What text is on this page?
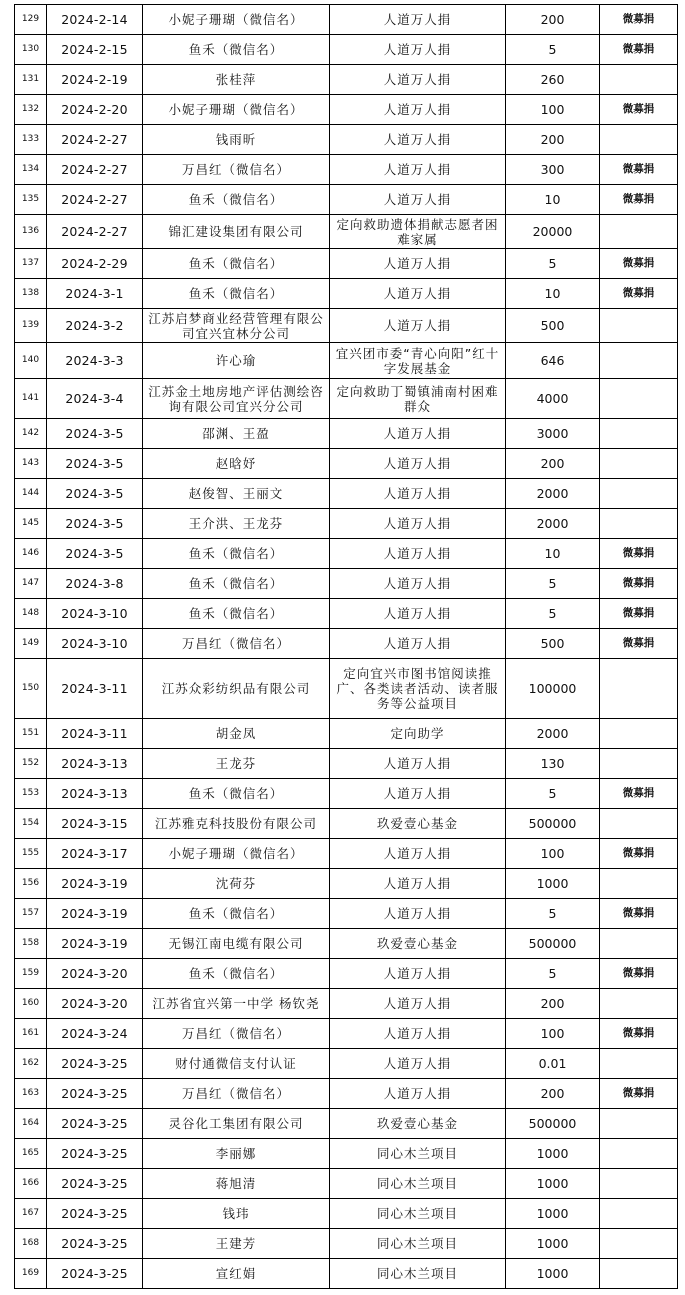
129	2024-2-14	小妮子珊瑚（微信名）	人道万人捐	200	微募捐
130	2024-2-15	鱼禾（微信名）	人道万人捐	5	微募捐
131	2024-2-19	张桂萍	人道万人捐	260	
132	2024-2-20	小妮子珊瑚（微信名）	人道万人捐	100	微募捐
133	2024-2-27	钱雨昕	人道万人捐	200	
134	2024-2-27	万昌红（微信名）	人道万人捐	300	微募捐
135	2024-2-27	鱼禾（微信名）	人道万人捐	10	微募捐
136	2024-2-27	锦汇建设集团有限公司	定向救助遗体捐献志愿者困难家属	20000	
137	2024-2-29	鱼禾（微信名）	人道万人捐	5	微募捐
138	2024-3-1	鱼禾（微信名）	人道万人捐	10	微募捐
139	2024-3-2	江苏启梦商业经营管理有限公司宜兴宜林分公司	人道万人捐	500	
140	2024-3-3	许心瑜	宜兴团市委“青心向阳”红十字发展基金	646	
141	2024-3-4	江苏金土地房地产评估测绘咨询有限公司宜兴分公司	定向救助丁蜀镇浦南村困难群众	4000	
142	2024-3-5	邵渊、王盈	人道万人捐	3000	
143	2024-3-5	赵晗妤	人道万人捐	200	
144	2024-3-5	赵俊智、王丽文	人道万人捐	2000	
145	2024-3-5	王介洪、王龙芬	人道万人捐	2000	
146	2024-3-5	鱼禾（微信名）	人道万人捐	10	微募捐
147	2024-3-8	鱼禾（微信名）	人道万人捐	5	微募捐
148	2024-3-10	鱼禾（微信名）	人道万人捐	5	微募捐
149	2024-3-10	万昌红（微信名）	人道万人捐	500	微募捐
150	2024-3-11	江苏众彩纺织品有限公司	定向宜兴市图书馆阅读推广、各类读者活动、读者服务等公益项目	100000	
151	2024-3-11	胡金凤	定向助学	2000	
152	2024-3-13	王龙芬	人道万人捐	130	
153	2024-3-13	鱼禾（微信名）	人道万人捐	5	微募捐
154	2024-3-15	江苏雅克科技股份有限公司	玖爱壹心基金	500000	
155	2024-3-17	小妮子珊瑚（微信名）	人道万人捐	100	微募捐
156	2024-3-19	沈荷芬	人道万人捐	1000	
157	2024-3-19	鱼禾（微信名）	人道万人捐	5	微募捐
158	2024-3-19	无锡江南电缆有限公司	玖爱壹心基金	500000	
159	2024-3-20	鱼禾（微信名）	人道万人捐	5	微募捐
160	2024-3-20	江苏省宜兴第一中学 杨钦尧	人道万人捐	200	
161	2024-3-24	万昌红（微信名）	人道万人捐	100	微募捐
162	2024-3-25	财付通微信支付认证	人道万人捐	0.01	
163	2024-3-25	万昌红（微信名）	人道万人捐	200	微募捐
164	2024-3-25	灵谷化工集团有限公司	玖爱壹心基金	500000	
165	2024-3-25	李丽娜	同心木兰项目	1000	
166	2024-3-25	蒋旭清	同心木兰项目	1000	
167	2024-3-25	钱玮	同心木兰项目	1000	
168	2024-3-25	王建芳	同心木兰项目	1000	
169	2024-3-25	宣红娟	同心木兰项目	1000	
